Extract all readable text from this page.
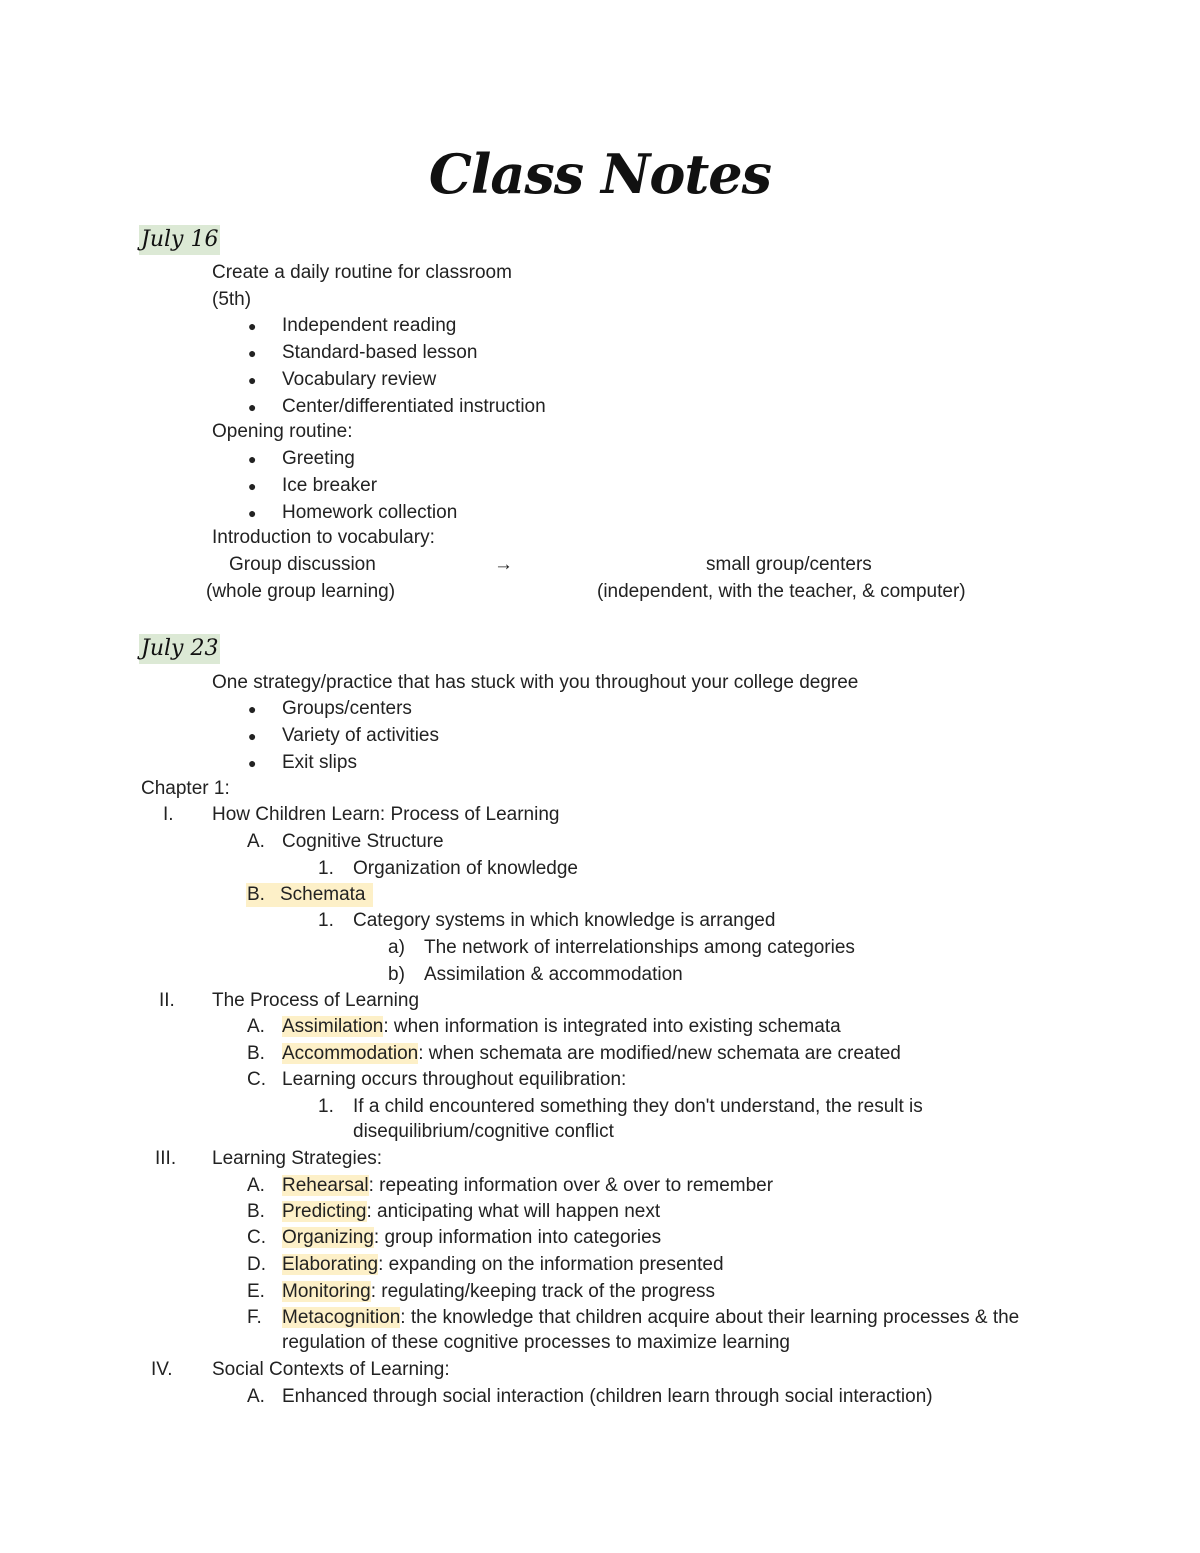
Class Notes
July 16
Create a daily routine for classroom
(5th)
● Independent reading
● Standard-based lesson
● Vocabulary review
● Center/differentiated instruction
Opening routine:
● Greeting
● Ice breaker
● Homework collection
Introduction to vocabulary:
Group discussion	→	small group/centers
(whole group learning)	(independent, with the teacher, & computer)
July 23
One strategy/practice that has stuck with you throughout your college degree
● Groups/centers
● Variety of activities
● Exit slips
Chapter 1:
I. How Children Learn: Process of Learning
A. Cognitive Structure
1. Organization of knowledge
B. Schemata
1. Category systems in which knowledge is arranged
a) The network of interrelationships among categories
b) Assimilation & accommodation
II. The Process of Learning
A. Assimilation: when information is integrated into existing schemata
B. Accommodation: when schemata are modified/new schemata are created
C. Learning occurs throughout equilibration:
1. If a child encountered something they don't understand, the result is
disequilibrium/cognitive conflict
III. Learning Strategies:
A. Rehearsal: repeating information over & over to remember
B. Predicting: anticipating what will happen next
C. Organizing: group information into categories
D. Elaborating: expanding on the information presented
E. Monitoring: regulating/keeping track of the progress
F. Metacognition: the knowledge that children acquire about their learning processes & the
regulation of these cognitive processes to maximize learning
IV. Social Contexts of Learning:
A. Enhanced through social interaction (children learn through social interaction)
